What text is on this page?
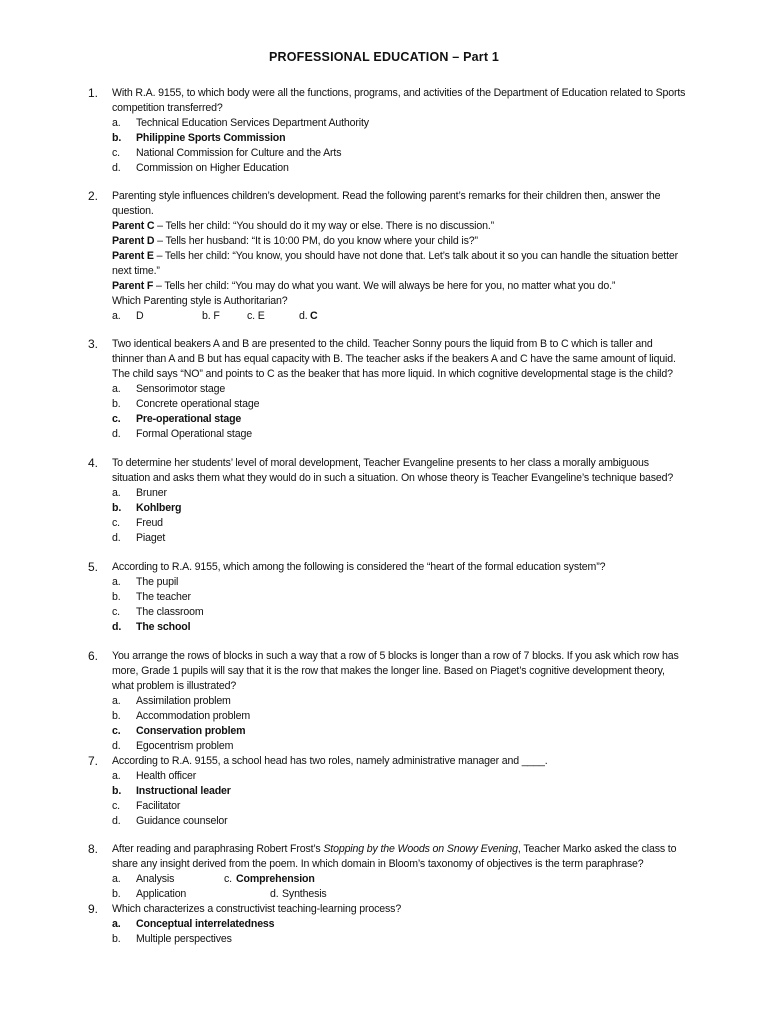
PROFESSIONAL EDUCATION – Part 1
1.	With R.A. 9155, to which body were all the functions, programs, and activities of the Department of Education related to Sports
competition transferred?
a.	Technical Education Services Department Authority
b.	Philippine Sports Commission
c.	National Commission for Culture and the Arts
d.	Commission on Higher Education
2.	Parenting style influences children’s development. Read the following parent’s remarks for their children then, answer the
question.
Parent C – Tells her child: “You should do it my way or else. There is no discussion.”
Parent D – Tells her husband: “It is 10:00 PM, do you know where your child is?”
Parent E – Tells her child: “You know, you should have not done that. Let’s talk about it so you can handle the situation better
next time.”
Parent F – Tells her child: “You may do what you want. We will always be here for you, no matter what you do.”
Which Parenting style is Authoritarian?
a.	D	b. F	c. E	d. C
3.	Two identical beakers A and B are presented to the child. Teacher Sonny pours the liquid from B to C which is taller and
thinner than A and B but has equal capacity with B. The teacher asks if the beakers A and C have the same amount of liquid.
The child says “NO” and points to C as the beaker that has more liquid. In which cognitive developmental stage is the child?
a.	Sensorimotor stage
b.	Concrete operational stage
c.	Pre-operational stage
d.	Formal Operational stage
4.	To determine her students’ level of moral development, Teacher Evangeline presents to her class a morally ambiguous
situation and asks them what they would do in such a situation. On whose theory is Teacher Evangeline’s technique based?
a.	Bruner
b.	Kohlberg
c.	Freud
d.	Piaget
5.	According to R.A. 9155, which among the following is considered the “heart of the formal education system”?
a.	The pupil
b.	The teacher
c.	The classroom
d.	The school
6.	You arrange the rows of blocks in such a way that a row of 5 blocks is longer than a row of 7 blocks. If you ask which row has
more, Grade 1 pupils will say that it is the row that makes the longer line. Based on Piaget’s cognitive development theory,
what problem is illustrated?
a.	Assimilation problem
b.	Accommodation problem
c.	Conservation problem
d.	Egocentrism problem
7.	According to R.A. 9155, a school head has two roles, namely administrative manager and ____.
a.	Health officer
b.	Instructional leader
c.	Facilitator
d.	Guidance counselor
8.	After reading and paraphrasing Robert Frost’s Stopping by the Woods on Snowy Evening, Teacher Marko asked the class to
share any insight derived from the poem. In which domain in Bloom’s taxonomy of objectives is the term paraphrase?
a.	Analysis	c. Comprehension
b.	Application	d. Synthesis
9.	Which characterizes a constructivist teaching-learning process?
a.	Conceptual interrelatedness
b.	Multiple perspectives
